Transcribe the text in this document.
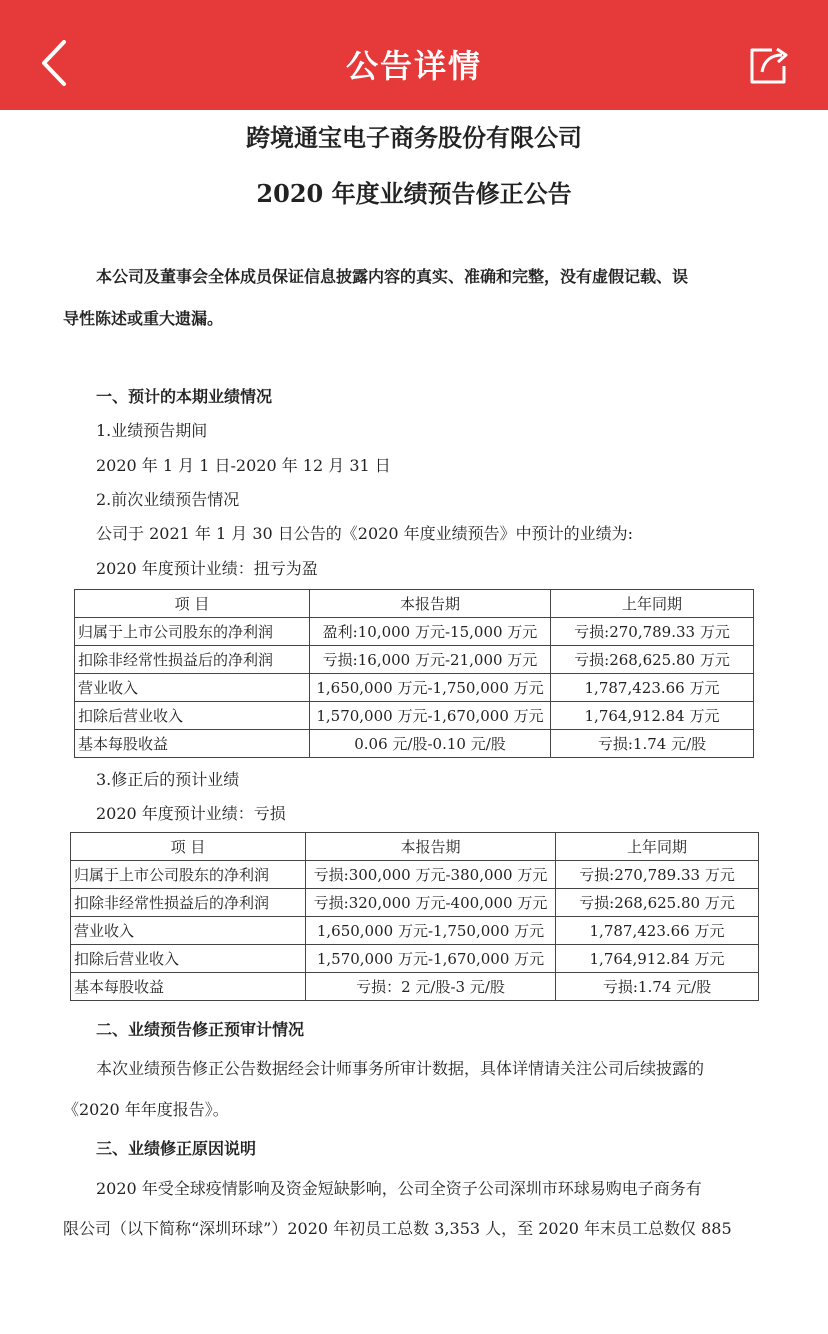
公告详情
跨境通宝电子商务股份有限公司
2020 年度业绩预告修正公告
本公司及董事会全体成员保证信息披露内容的真实、准确和完整，没有虚假记载、误
导性陈述或重大遗漏。
一、预计的本期业绩情况
1.业绩预告期间
2020 年 1 月 1 日-2020 年 12 月 31 日
2.前次业绩预告情况
公司于 2021 年 1 月 30 日公告的《2020 年度业绩预告》中预计的业绩为:
2020 年度预计业绩：扭亏为盈
项 目	本报告期	上年同期
归属于上市公司股东的净利润	盈利:10,000 万元-15,000 万元	亏损:270,789.33 万元
扣除非经常性损益后的净利润	亏损:16,000 万元-21,000 万元	亏损:268,625.80 万元
营业收入	1,650,000 万元-1,750,000 万元	1,787,423.66 万元
扣除后营业收入	1,570,000 万元-1,670,000 万元	1,764,912.84 万元
基本每股收益	0.06 元/股-0.10 元/股	亏损:1.74 元/股
3.修正后的预计业绩
2020 年度预计业绩：亏损
项 目	本报告期	上年同期
归属于上市公司股东的净利润	亏损:300,000 万元-380,000 万元	亏损:270,789.33 万元
扣除非经常性损益后的净利润	亏损:320,000 万元-400,000 万元	亏损:268,625.80 万元
营业收入	1,650,000 万元-1,750,000 万元	1,787,423.66 万元
扣除后营业收入	1,570,000 万元-1,670,000 万元	1,764,912.84 万元
基本每股收益	亏损：2 元/股-3 元/股	亏损:1.74 元/股
二、业绩预告修正预审计情况
本次业绩预告修正公告数据经会计师事务所审计数据，具体详情请关注公司后续披露的
《2020 年年度报告》。
三、业绩修正原因说明
2020 年受全球疫情影响及资金短缺影响，公司全资子公司深圳市环球易购电子商务有
限公司（以下简称“深圳环球”）2020 年初员工总数 3,353 人，至 2020 年末员工总数仅 885
